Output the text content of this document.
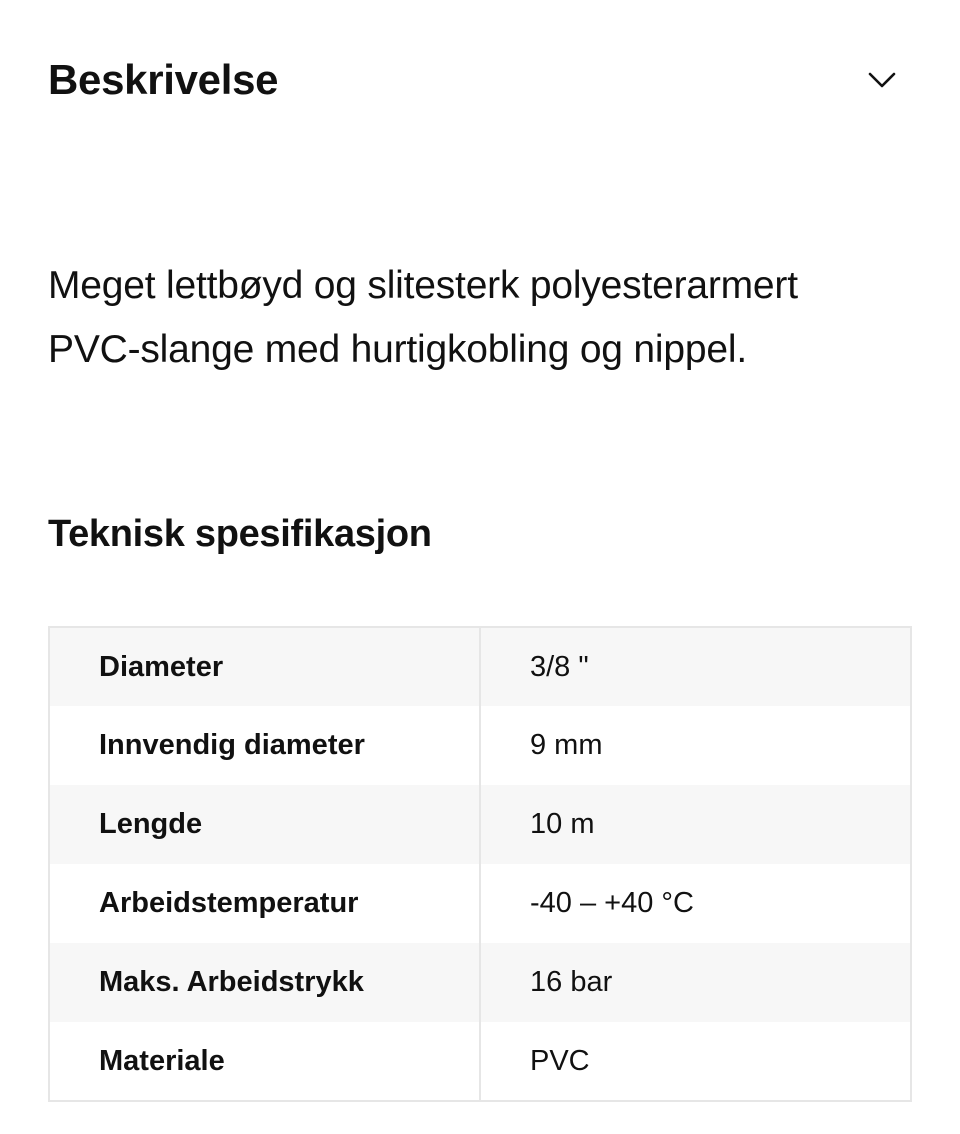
Beskrivelse
Meget lettbøyd og slitesterk polyesterarmert
PVC-slange med hurtigkobling og nippel.
Teknisk spesifikasjon
Diameter	3/8 "
Innvendig diameter	9 mm
Lengde	10 m
Arbeidstemperatur	-40 – +40 °C
Maks. Arbeidstrykk	16 bar
Materiale	PVC
